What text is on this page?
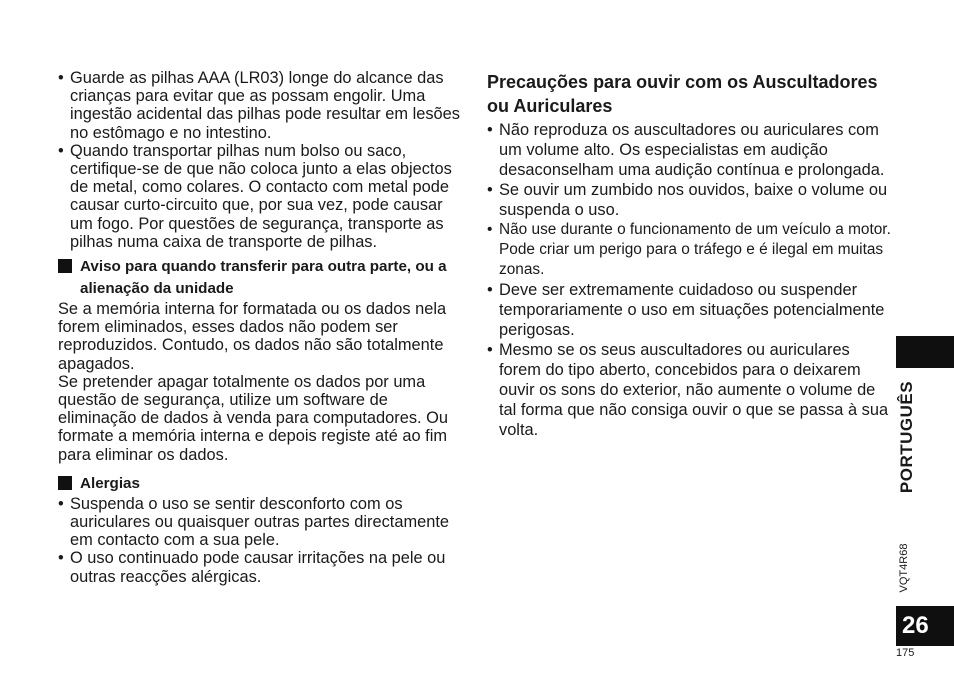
• Guarde as pilhas AAA (LR03) longe do alcance das crianças para evitar que as possam engolir. Uma ingestão acidental das pilhas pode resultar em lesões no estômago e no intestino.
• Quando transportar pilhas num bolso ou saco, certifique-se de que não coloca junto a elas objectos de metal, como colares. O contacto com metal pode causar curto-circuito que, por sua vez, pode causar um fogo. Por questões de segurança, transporte as pilhas numa caixa de transporte de pilhas.
Aviso para quando transferir para outra parte, ou a alienação da unidade

Se a memória interna for formatada ou os dados nela forem eliminados, esses dados não podem ser reproduzidos. Contudo, os dados não são totalmente apagados.

Se pretender apagar totalmente os dados por uma questão de segurança, utilize um software de eliminação de dados à venda para computadores. Ou formate a memória interna e depois registe até ao fim para eliminar os dados.

Alergias
• Suspenda o uso se sentir desconforto com os auriculares ou quaisquer outras partes directamente em contacto com a sua pele.
• O uso continuado pode causar irritações na pele ou outras reacções alérgicas.
Precauções para ouvir com os Auscultadores ou Auriculares
• Não reproduza os auscultadores ou auriculares com um volume alto. Os especialistas em audição desaconselham uma audição contínua e prolongada.
• Se ouvir um zumbido nos ouvidos, baixe o volume ou suspenda o uso.
• Não use durante o funcionamento de um veículo a motor. Pode criar um perigo para o tráfego e é ilegal em muitas zonas.
• Deve ser extremamente cuidadoso ou suspender temporariamente o uso em situações potencialmente perigosas.
• Mesmo se os seus auscultadores ou auriculares forem do tipo aberto, concebidos para o deixarem ouvir os sons do exterior, não aumente o volume de tal forma que não consiga ouvir o que se passa à sua volta.	PORTUGUÊS
VQT4R68
26
175
